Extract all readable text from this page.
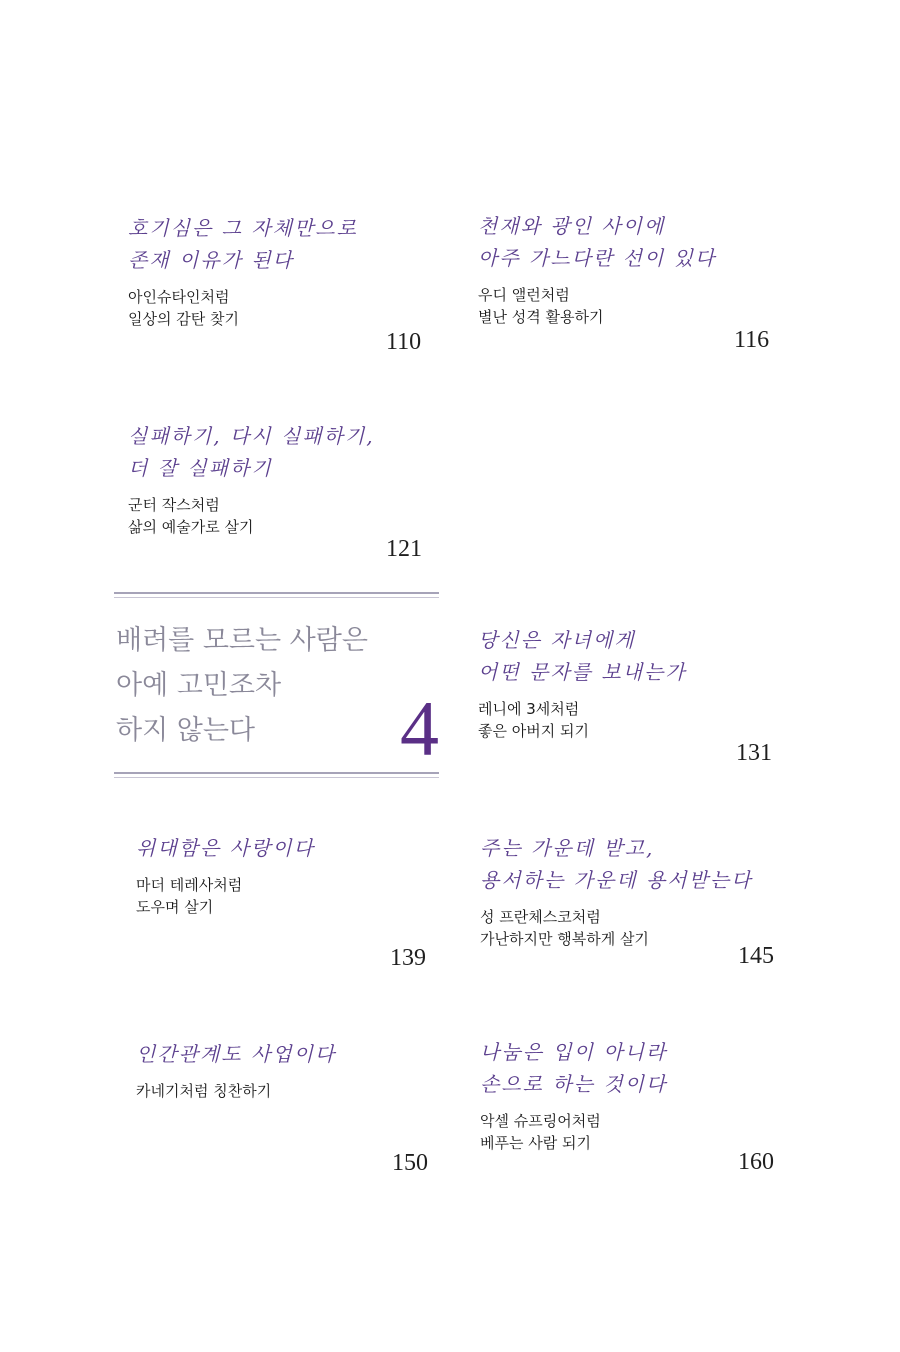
호기심은 그 자체만으로
존재 이유가 된다
아인슈타인처럼
일상의 감탄 찾기
110
천재와 광인 사이에
아주 가느다란 선이 있다
우디 앨런처럼
별난 성격 활용하기
116
실패하기, 다시 실패하기,
더 잘 실패하기
군터 작스처럼
삶의 예술가로 살기
121
배려를 모르는 사람은
아예 고민조차
하지 않는다	4
당신은 자녀에게
어떤 문자를 보내는가
레니에 3세처럼
좋은 아버지 되기
131
위대함은 사랑이다
마더 테레사처럼
도우며 살기
139
주는 가운데 받고,
용서하는 가운데 용서받는다
성 프란체스코처럼
가난하지만 행복하게 살기
145
인간관계도 사업이다
카네기처럼 칭찬하기
150
나눔은 입이 아니라
손으로 하는 것이다
악셀 슈프링어처럼
베푸는 사람 되기
160
